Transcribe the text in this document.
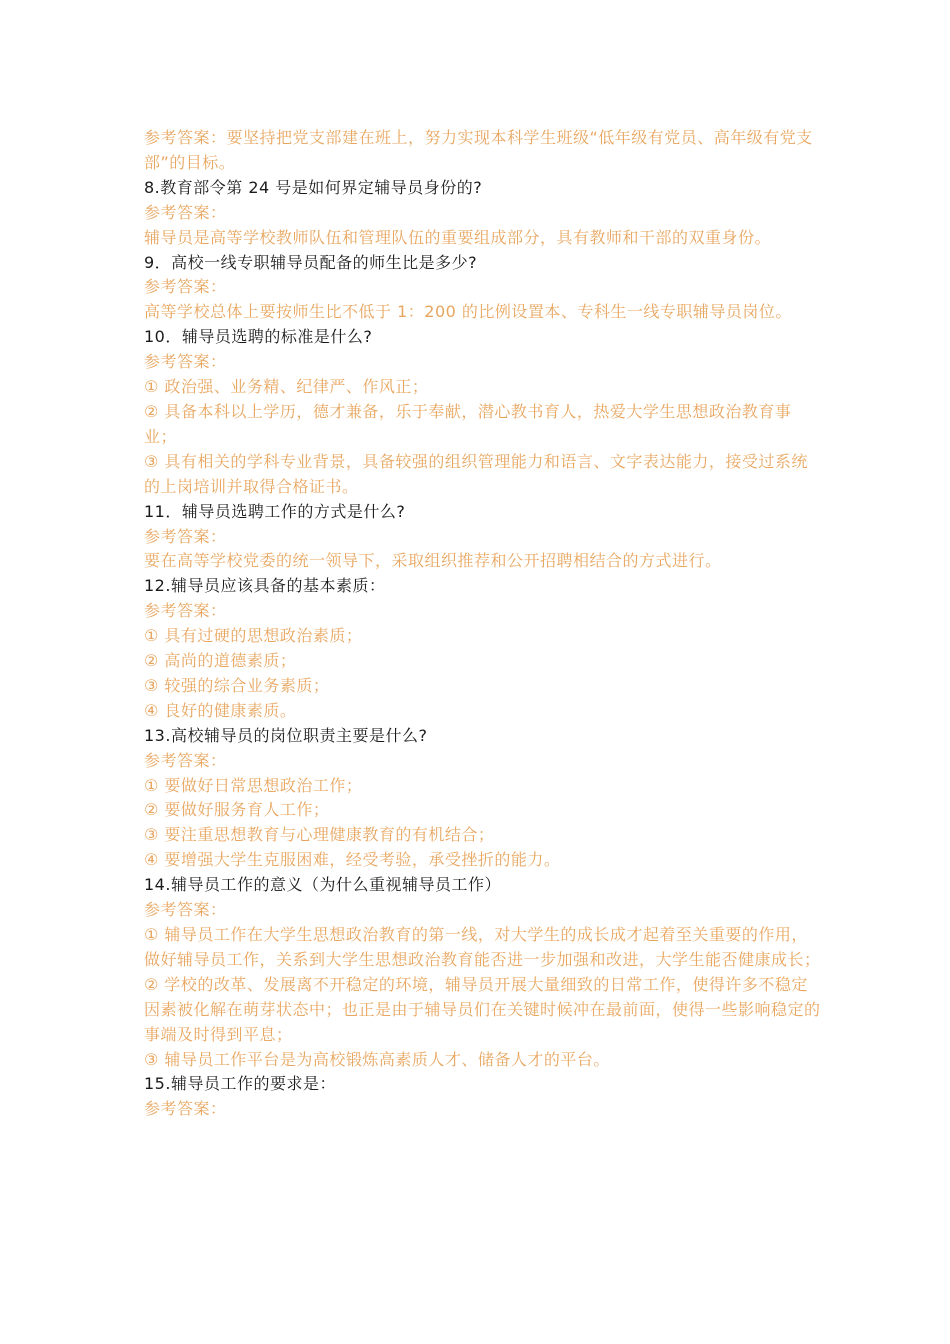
参考答案：要坚持把党支部建在班上，努力实现本科学生班级“低年级有党员、高年级有党支部”的目标。

8.教育部令第 24 号是如何界定辅导员身份的?

参考答案：

辅导员是高等学校教师队伍和管理队伍的重要组成部分，具有教师和干部的双重身份。

9．高校一线专职辅导员配备的师生比是多少?

参考答案：

高等学校总体上要按师生比不低于 1：200 的比例设置本、专科生一线专职辅导员岗位。

10．辅导员选聘的标准是什么?

参考答案：

① 政治强、业务精、纪律严、作风正；

② 具备本科以上学历，德才兼备，乐于奉献，潜心教书育人，热爱大学生思想政治教育事业；

③ 具有相关的学科专业背景，具备较强的组织管理能力和语言、文字表达能力，接受过系统的上岗培训并取得合格证书。

11．辅导员选聘工作的方式是什么?

参考答案：

要在高等学校党委的统一领导下，采取组织推荐和公开招聘相结合的方式进行。

12.辅导员应该具备的基本素质：

参考答案：

① 具有过硬的思想政治素质；

② 高尚的道德素质；

③ 较强的综合业务素质；

④ 良好的健康素质。

13.高校辅导员的岗位职责主要是什么?

参考答案：

① 要做好日常思想政治工作；

② 要做好服务育人工作；

③ 要注重思想教育与心理健康教育的有机结合；

④ 要增强大学生克服困难，经受考验，承受挫折的能力。

14.辅导员工作的意义（为什么重视辅导员工作）

参考答案：

① 辅导员工作在大学生思想政治教育的第一线，对大学生的成长成才起着至关重要的作用，做好辅导员工作，关系到大学生思想政治教育能否进一步加强和改进，大学生能否健康成长；

② 学校的改革、发展离不开稳定的环境，辅导员开展大量细致的日常工作，使得许多不稳定因素被化解在萌芽状态中；也正是由于辅导员们在关键时候冲在最前面，使得一些影响稳定的事端及时得到平息；

③ 辅导员工作平台是为高校锻炼高素质人才、储备人才的平台。

15.辅导员工作的要求是：

参考答案：
